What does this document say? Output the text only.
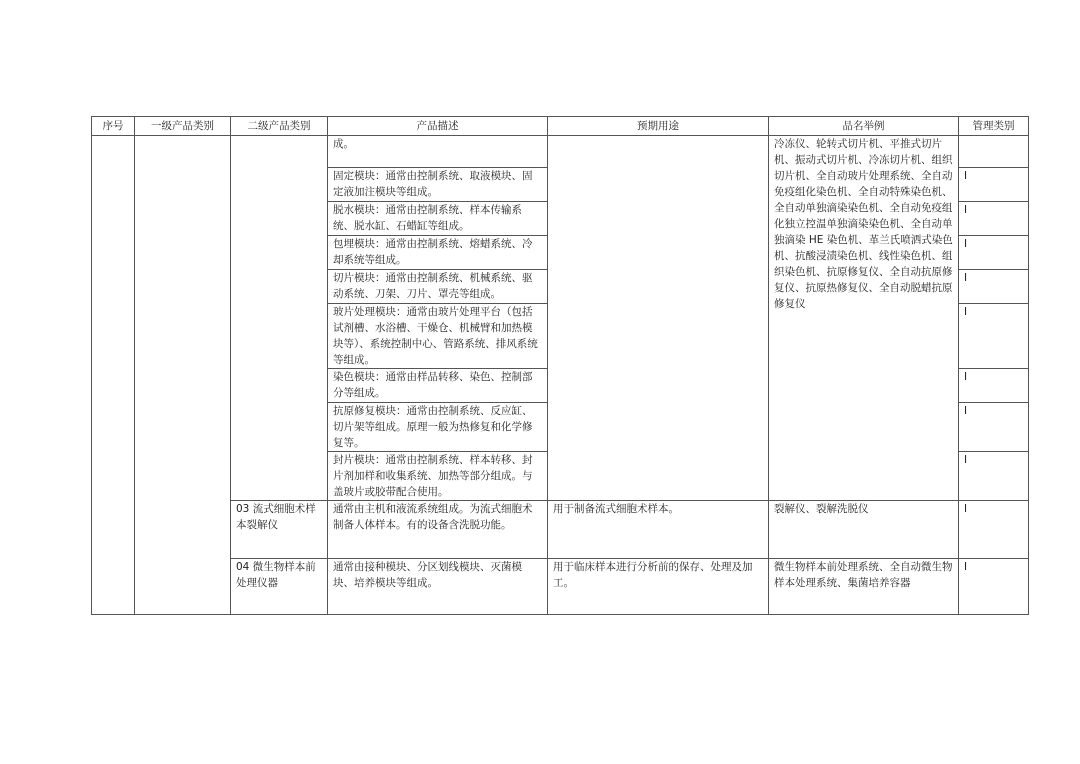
序号	一级产品类别	二级产品类别	产品描述	预期用途	品名举例	管理类别
			成。		冷冻仪、轮转式切片机、平推式切片机、振动式切片机、冷冻切片机、组织切片机、全自动玻片处理系统、全自动免疫组化染色机、全自动特殊染色机、全自动单独滴染染色机、全自动免疫组化独立控温单独滴染染色机、全自动单独滴染 HE 染色机、革兰氏喷洒式染色机、抗酸浸渍染色机、线性染色机、组织染色机、抗原修复仪、全自动抗原修复仪、抗原热修复仪、全自动脱蜡抗原修复仪	
			固定模块：通常由控制系统、取液模块、固定液加注模块等组成。			I
			脱水模块：通常由控制系统、样本传输系统、脱水缸、石蜡缸等组成。			I
			包埋模块：通常由控制系统、熔蜡系统、冷却系统等组成。			I
			切片模块：通常由控制系统、机械系统、驱动系统、刀架、刀片、罩壳等组成。			I
			玻片处理模块：通常由玻片处理平台（包括试剂槽、水浴槽、干燥仓、机械臂和加热模块等）、系统控制中心、管路系统、排风系统等组成。			I
			染色模块：通常由样品转移、染色、控制部分等组成。			I
			抗原修复模块：通常由控制系统、反应缸、切片架等组成。原理一般为热修复和化学修复等。			I
			封片模块：通常由控制系统、样本转移、封片剂加样和收集系统、加热等部分组成。与盖玻片或胶带配合使用。			I
		03 流式细胞术样本裂解仪	通常由主机和液流系统组成。为流式细胞术制备人体样本。有的设备含洗脱功能。	用于制备流式细胞术样本。	裂解仪、裂解洗脱仪	I
		04 微生物样本前处理仪器	通常由接种模块、分区划线模块、灭菌模块、培养模块等组成。	用于临床样本进行分析前的保存、处理及加工。	微生物样本前处理系统、全自动微生物样本处理系统、集菌培养容器	I
